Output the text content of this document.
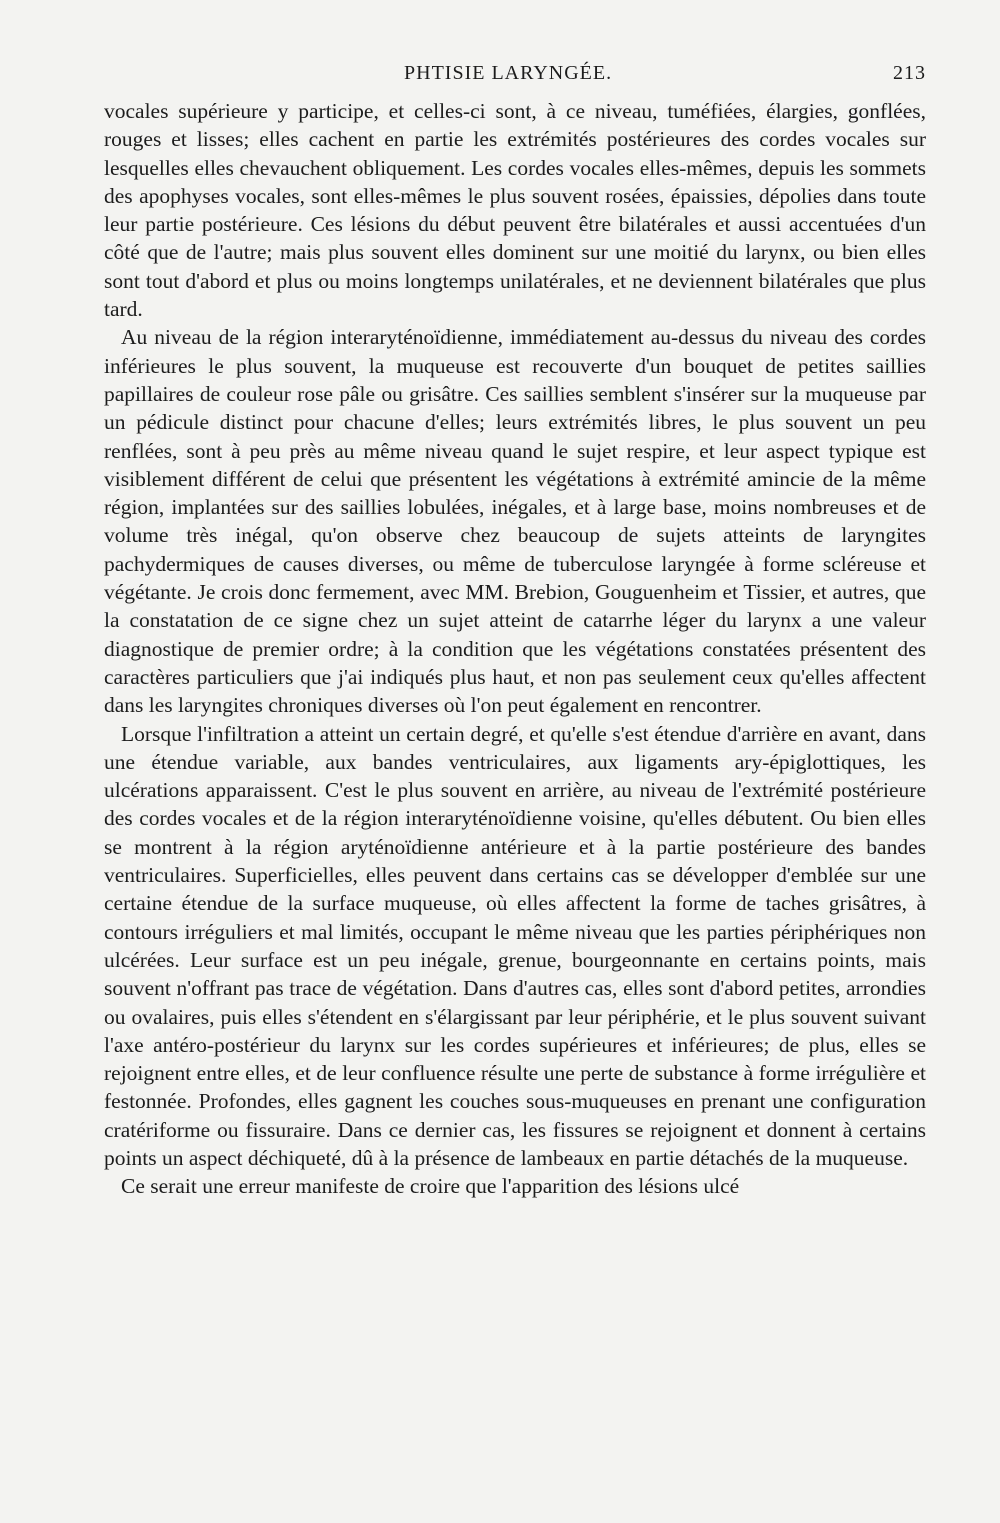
PHTISIE LARYNGÉE.	213

vocales supérieure y participe, et celles-ci sont, à ce niveau, tuméfiées, élargies, gonflées, rouges et lisses; elles cachent en partie les extrémités postérieures des cordes vocales sur lesquelles elles chevauchent obliquement. Les cordes vocales elles-mêmes, depuis les sommets des apophyses vocales, sont elles-mêmes le plus souvent rosées, épaissies, dépolies dans toute leur partie postérieure. Ces lésions du début peuvent être bilatérales et aussi accentuées d'un côté que de l'autre; mais plus souvent elles dominent sur une moitié du larynx, ou bien elles sont tout d'abord et plus ou moins longtemps unilatérales, et ne deviennent bilatérales que plus tard.

Au niveau de la région interaryténoïdienne, immédiatement au-dessus du niveau des cordes inférieures le plus souvent, la muqueuse est recouverte d'un bouquet de petites saillies papillaires de couleur rose pâle ou grisâtre. Ces saillies semblent s'insérer sur la muqueuse par un pédicule distinct pour chacune d'elles; leurs extrémités libres, le plus souvent un peu renflées, sont à peu près au même niveau quand le sujet respire, et leur aspect typique est visiblement différent de celui que présentent les végétations à extrémité amincie de la même région, implantées sur des saillies lobulées, inégales, et à large base, moins nombreuses et de volume très inégal, qu'on observe chez beaucoup de sujets atteints de laryngites pachydermiques de causes diverses, ou même de tuberculose laryngée à forme scléreuse et végétante. Je crois donc fermement, avec MM. Brebion, Gouguenheim et Tissier, et autres, que la constatation de ce signe chez un sujet atteint de catarrhe léger du larynx a une valeur diagnostique de premier ordre; à la condition que les végétations constatées présentent des caractères particuliers que j'ai indiqués plus haut, et non pas seulement ceux qu'elles affectent dans les laryngites chroniques diverses où l'on peut également en rencontrer.

Lorsque l'infiltration a atteint un certain degré, et qu'elle s'est étendue d'arrière en avant, dans une étendue variable, aux bandes ventriculaires, aux ligaments ary-épiglottiques, les ulcérations apparaissent. C'est le plus souvent en arrière, au niveau de l'extrémité postérieure des cordes vocales et de la région interaryténoïdienne voisine, qu'elles débutent. Ou bien elles se montrent à la région aryténoïdienne antérieure et à la partie postérieure des bandes ventriculaires. Superficielles, elles peuvent dans certains cas se développer d'emblée sur une certaine étendue de la surface muqueuse, où elles affectent la forme de taches grisâtres, à contours irréguliers et mal limités, occupant le même niveau que les parties périphériques non ulcérées. Leur surface est un peu inégale, grenue, bourgeonnante en certains points, mais souvent n'offrant pas trace de végétation. Dans d'autres cas, elles sont d'abord petites, arrondies ou ovalaires, puis elles s'étendent en s'élargissant par leur périphérie, et le plus souvent suivant l'axe antéro-postérieur du larynx sur les cordes supérieures et inférieures; de plus, elles se rejoignent entre elles, et de leur confluence résulte une perte de substance à forme irrégulière et festonnée. Profondes, elles gagnent les couches sous-muqueuses en prenant une configuration cratériforme ou fissuraire. Dans ce dernier cas, les fissures se rejoignent et donnent à certains points un aspect déchiqueté, dû à la présence de lambeaux en partie détachés de la muqueuse.

Ce serait une erreur manifeste de croire que l'apparition des lésions ulcé
